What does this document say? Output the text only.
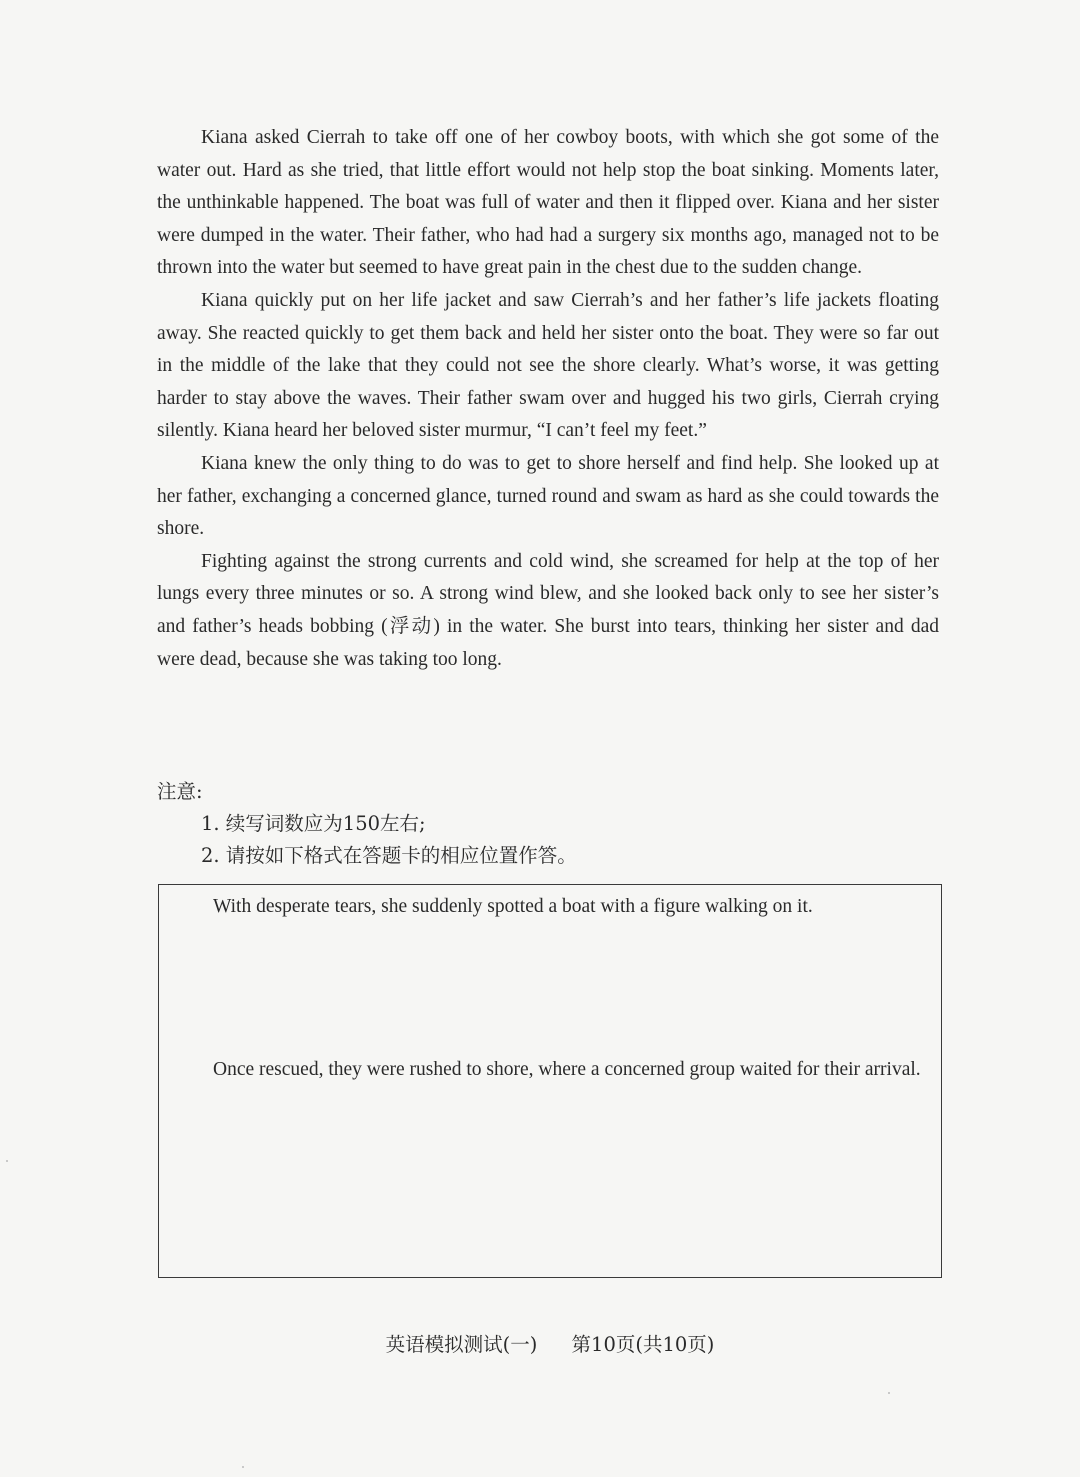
Kiana asked Cierrah to take off one of her cowboy boots, with which she got some of the water out. Hard as she tried, that little effort would not help stop the boat sinking. Moments later, the unthinkable happened. The boat was full of water and then it flipped over. Kiana and her sister were dumped in the water. Their father, who had had a surgery six months ago, managed not to be thrown into the water but seemed to have great pain in the chest due to the sudden change.

Kiana quickly put on her life jacket and saw Cierrah’s and her father’s life jackets floating away. She reacted quickly to get them back and held her sister onto the boat. They were so far out in the middle of the lake that they could not see the shore clearly. What’s worse, it was getting harder to stay above the waves. Their father swam over and hugged his two girls, Cierrah crying silently. Kiana heard her beloved sister murmur, “I can’t feel my feet.”

Kiana knew the only thing to do was to get to shore herself and find help. She looked up at her father, exchanging a concerned glance, turned round and swam as hard as she could towards the shore.

Fighting against the strong currents and cold wind, she screamed for help at the top of her lungs every three minutes or so. A strong wind blew, and she looked back only to see her sister’s and father’s heads bobbing (浮动) in the water. She burst into tears, thinking her sister and dad were dead, because she was taking too long.

注意:

1. 续写词数应为150左右;

2. 请按如下格式在答题卡的相应位置作答。

With desperate tears, she suddenly spotted a boat with a figure walking on it.

Once rescued, they were rushed to shore, where a concerned group waited for their arrival.

英语模拟测试(一) 第10页(共10页)
